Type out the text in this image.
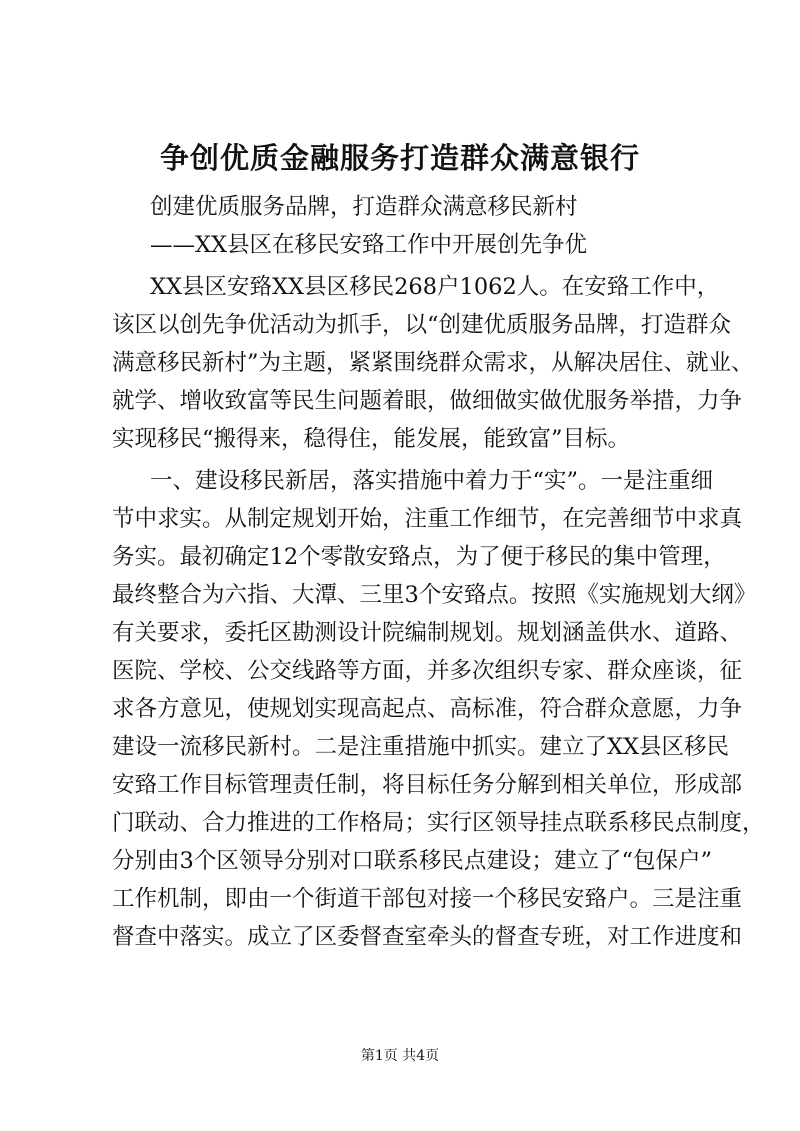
争创优质金融服务打造群众满意银行
创建优质服务品牌，打造群众满意移民新村
——XX县区在移民安臵工作中开展创先争优
XX县区安臵XX县区移民268户1062人。在安臵工作中，
该区以创先争优活动为抓手，以“创建优质服务品牌，打造群众
满意移民新村”为主题，紧紧围绕群众需求，从解决居住、就业、
就学、增收致富等民生问题着眼，做细做实做优服务举措，力争
实现移民“搬得来，稳得住，能发展，能致富”目标。
一、建设移民新居，落实措施中着力于“实”。一是注重细
节中求实。从制定规划开始，注重工作细节，在完善细节中求真
务实。最初确定12个零散安臵点，为了便于移民的集中管理，
最终整合为六指、大潭、三里3个安臵点。按照《实施规划大纲》
有关要求，委托区勘测设计院编制规划。规划涵盖供水、道路、
医院、学校、公交线路等方面，并多次组织专家、群众座谈，征
求各方意见，使规划实现高起点、高标准，符合群众意愿，力争
建设一流移民新村。二是注重措施中抓实。建立了XX县区移民
安臵工作目标管理责任制，将目标任务分解到相关单位，形成部
门联动、合力推进的工作格局；实行区领导挂点联系移民点制度，
分别由3个区领导分别对口联系移民点建设；建立了“包保户”
工作机制，即由一个街道干部包对接一个移民安臵户。三是注重
督查中落实。成立了区委督查室牵头的督查专班，对工作进度和
第1页 共4页
